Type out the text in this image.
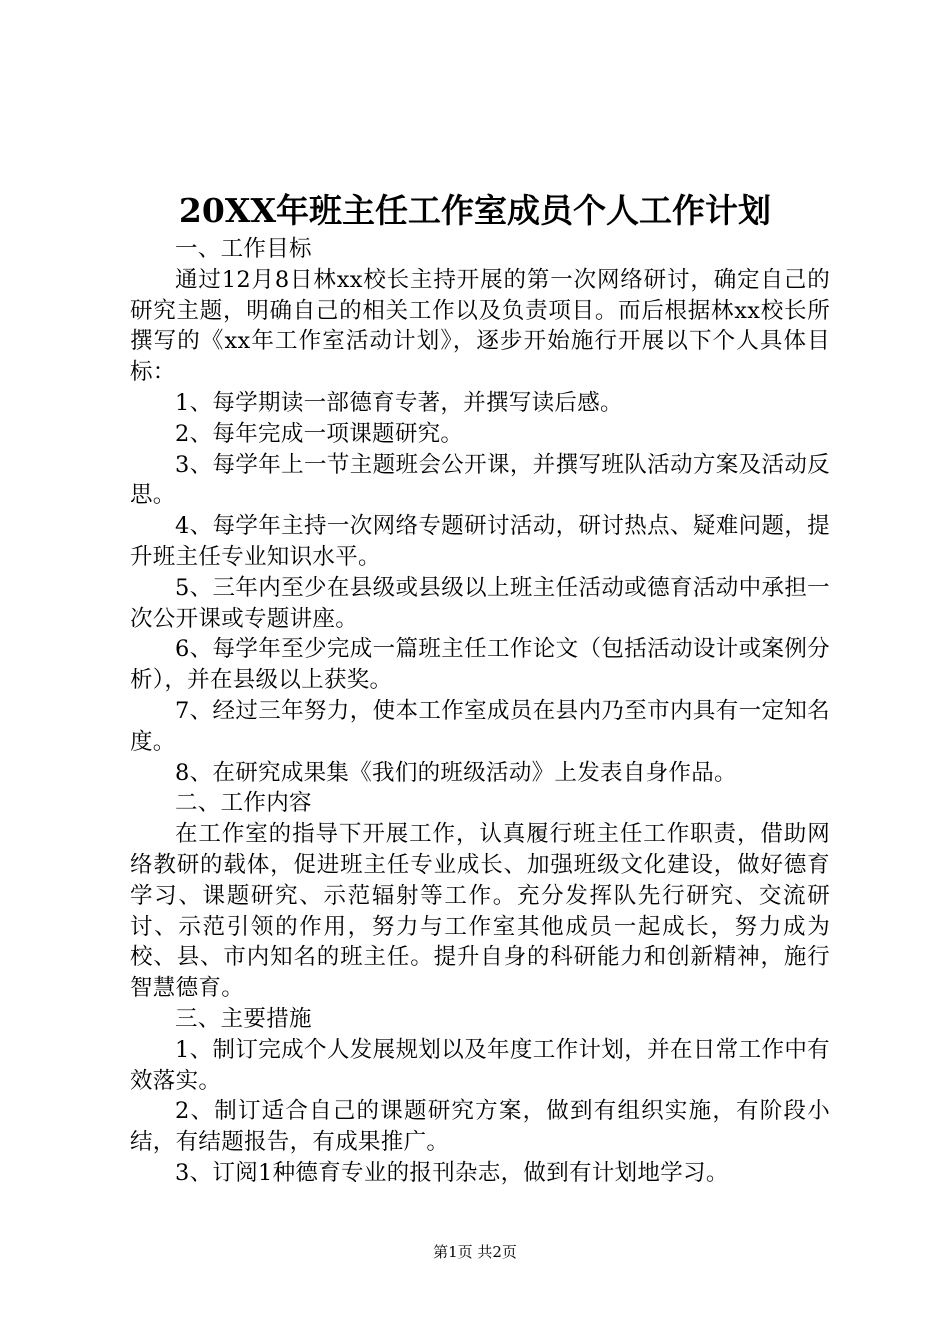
20XX年班主任工作室成员个人工作计划

一、工作目标

通过12月8日林xx校长主持开展的第一次网络研讨，确定自己的研究主题，明确自己的相关工作以及负责项目。而后根据林xx校长所撰写的《xx年工作室活动计划》，逐步开始施行开展以下个人具体目标：

1、每学期读一部德育专著，并撰写读后感。

2、每年完成一项课题研究。

3、每学年上一节主题班会公开课，并撰写班队活动方案及活动反思。

4、每学年主持一次网络专题研讨活动，研讨热点、疑难问题，提升班主任专业知识水平。

5、三年内至少在县级或县级以上班主任活动或德育活动中承担一次公开课或专题讲座。

6、每学年至少完成一篇班主任工作论文（包括活动设计或案例分析），并在县级以上获奖。

7、经过三年努力，使本工作室成员在县内乃至市内具有一定知名度。

8、在研究成果集《我们的班级活动》上发表自身作品。

二、工作内容

在工作室的指导下开展工作，认真履行班主任工作职责，借助网络教研的载体，促进班主任专业成长、加强班级文化建设，做好德育学习、课题研究、示范辐射等工作。充分发挥队先行研究、交流研讨、示范引领的作用，努力与工作室其他成员一起成长，努力成为校、县、市内知名的班主任。提升自身的科研能力和创新精神，施行智慧德育。

三、主要措施

1、制订完成个人发展规划以及年度工作计划，并在日常工作中有效落实。

2、制订适合自己的课题研究方案，做到有组织实施，有阶段小结，有结题报告，有成果推广。

3、订阅1种德育专业的报刊杂志，做到有计划地学习。

第1页 共2页
